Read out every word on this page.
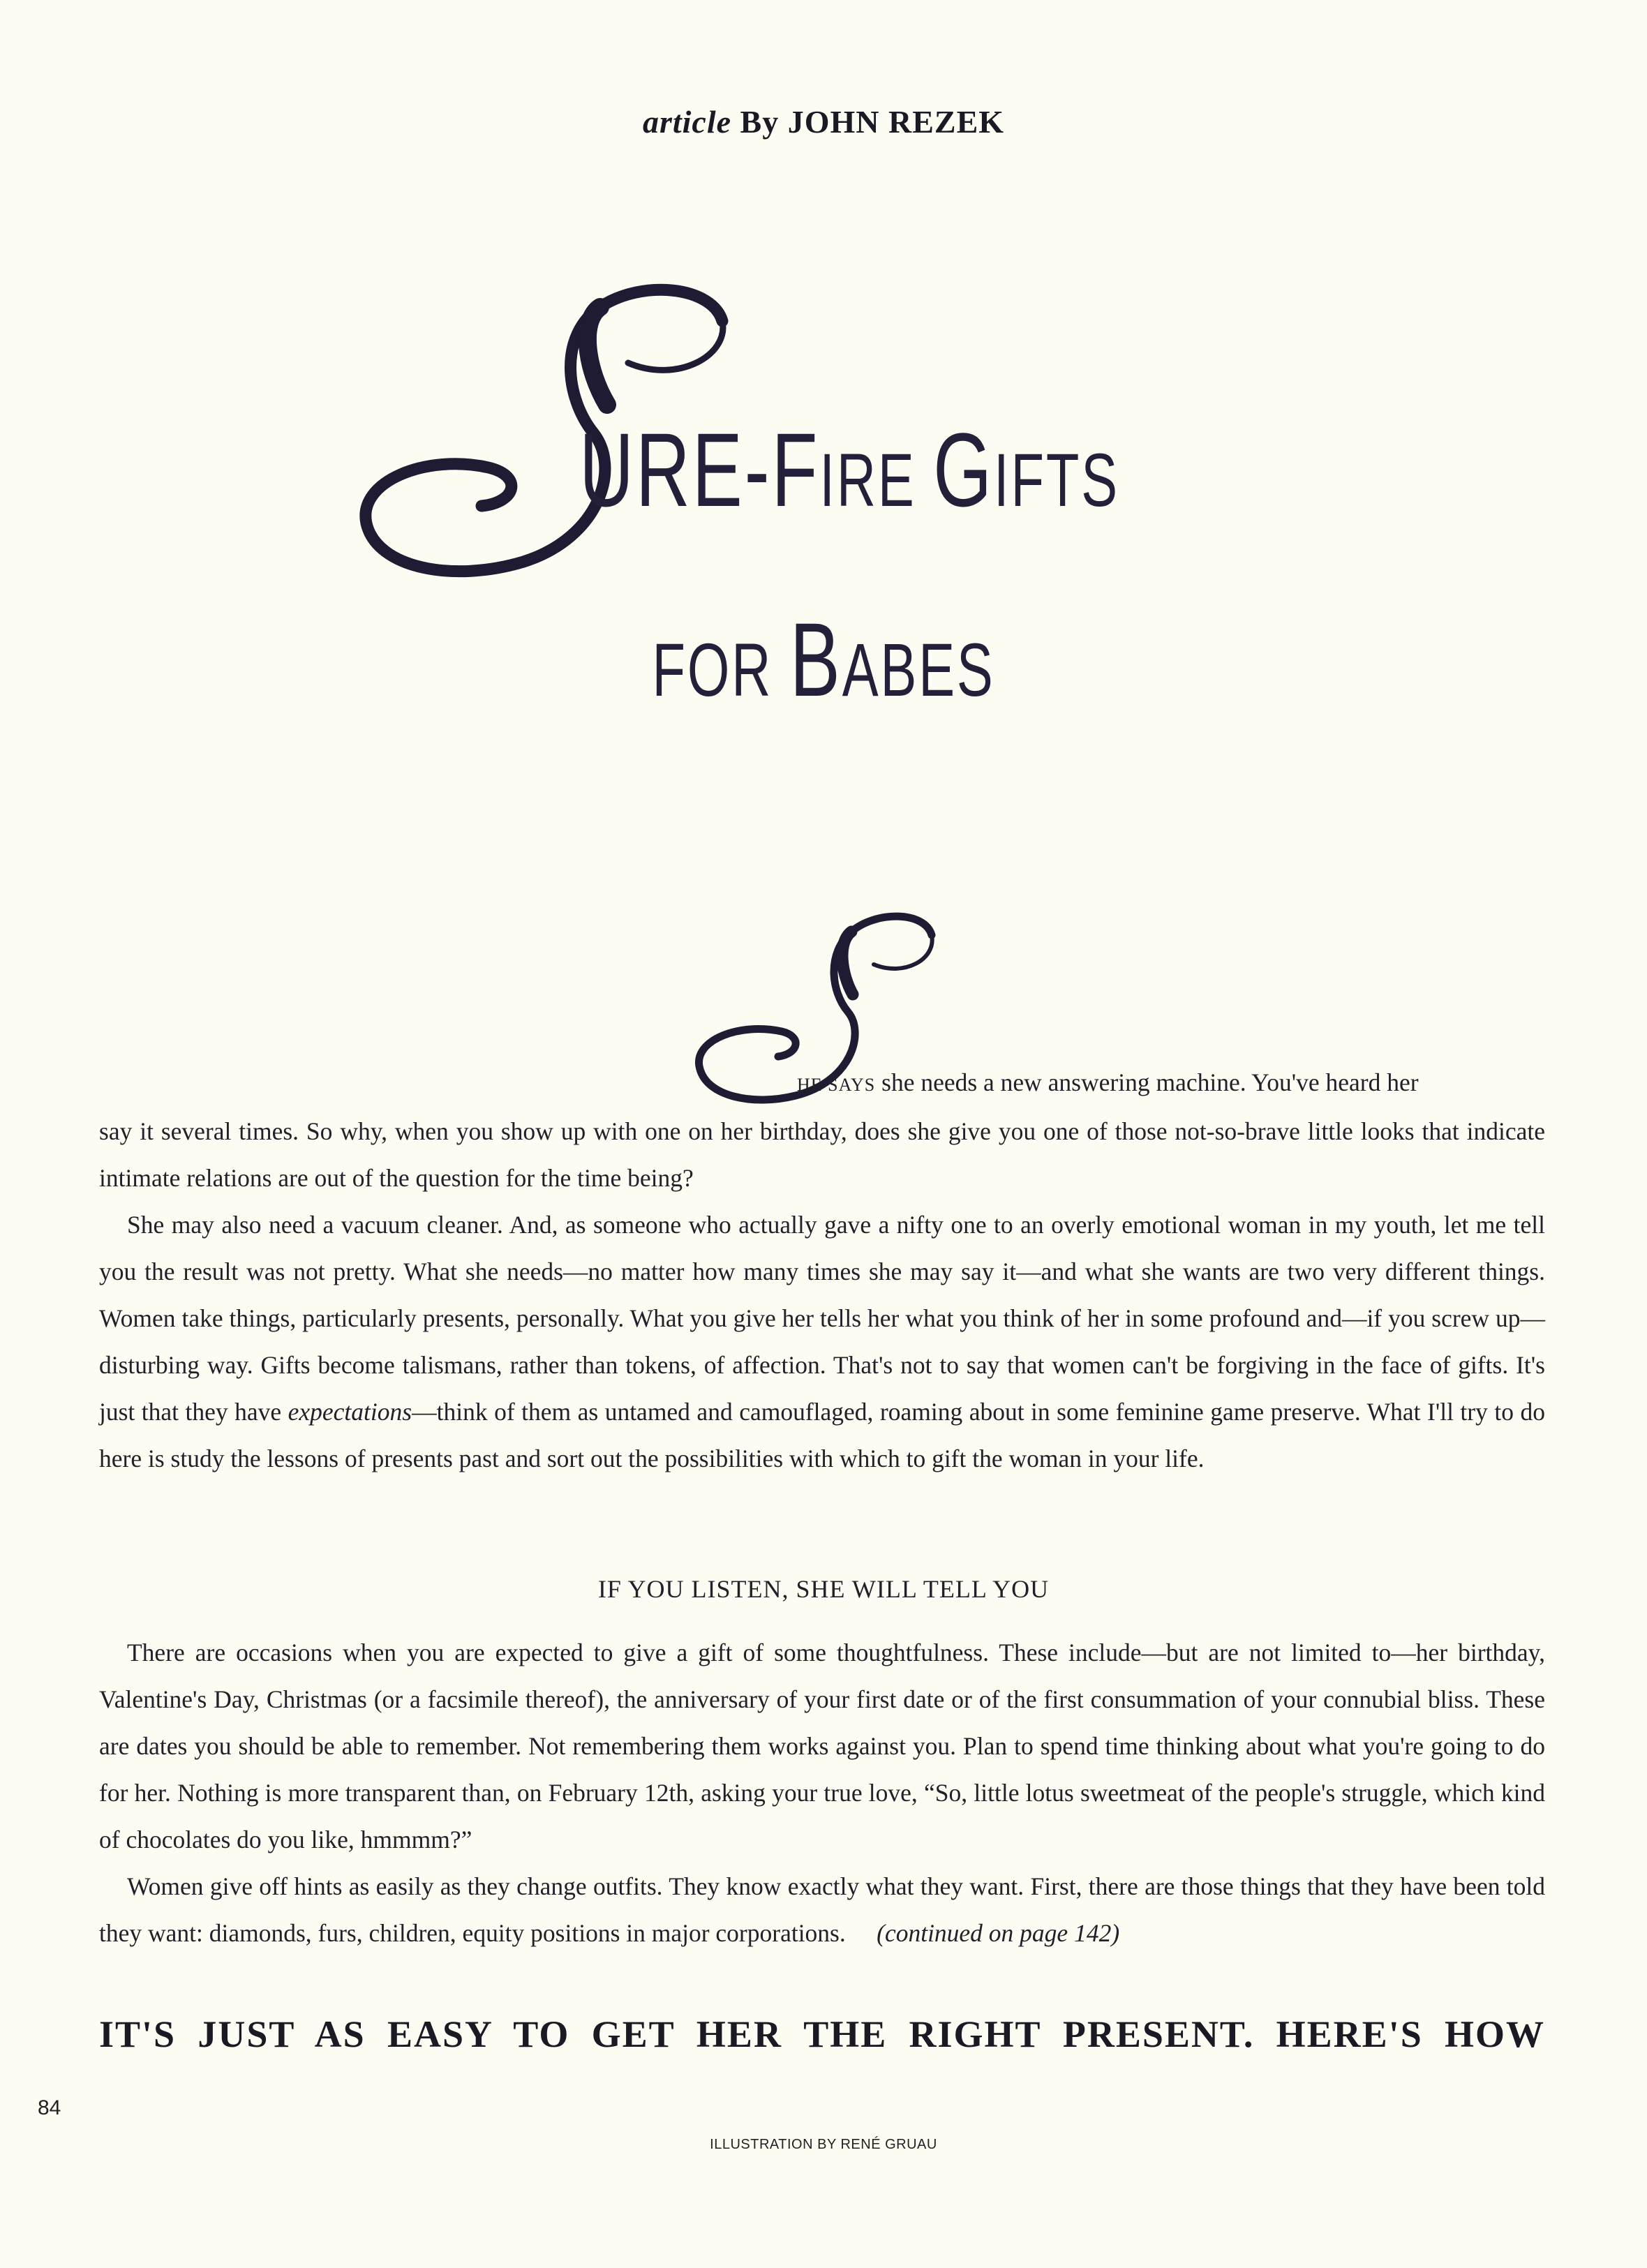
article By JOHN REZEK
URE-FIRE GIFTS
FOR BABES

HE SAYS she needs a new answering machine. You've heard her
say it several times. So why, when you show up with one on her birthday, does she give you one of those not-so-brave little looks that indicate intimate relations are out of the question for the time being?

She may also need a vacuum cleaner. And, as someone who actually gave a nifty one to an overly emotional woman in my youth, let me tell you the result was not pretty. What she needs—no matter how many times she may say it—and what she wants are two very different things. Women take things, particularly presents, personally. What you give her tells her what you think of her in some profound and—if you screw up—disturbing way. Gifts become talismans, rather than tokens, of affection. That's not to say that women can't be forgiving in the face of gifts. It's just that they have expectations—think of them as untamed and camouflaged, roaming about in some feminine game preserve. What I'll try to do here is study the lessons of presents past and sort out the possibilities with which to gift the woman in your life.

IF YOU LISTEN, SHE WILL TELL YOU

There are occasions when you are expected to give a gift of some thoughtfulness. These include—but are not limited to—her birthday, Valentine's Day, Christmas (or a facsimile thereof), the anniversary of your first date or of the first consummation of your connubial bliss. These are dates you should be able to remember. Not remembering them works against you. Plan to spend time thinking about what you're going to do for her. Nothing is more transparent than, on February 12th, asking your true love, “So, little lotus sweetmeat of the people's struggle, which kind of chocolates do you like, hmmmm?”

Women give off hints as easily as they change outfits. They know exactly what they want. First, there are those things that they have been told they want: diamonds, furs, children, equity positions in major corporations.     (continued on page 142)

IT'S JUST AS EASY TO GET HER THE RIGHT PRESENT. HERE'S HOW
84
ILLUSTRATION BY RENÉ GRUAU
